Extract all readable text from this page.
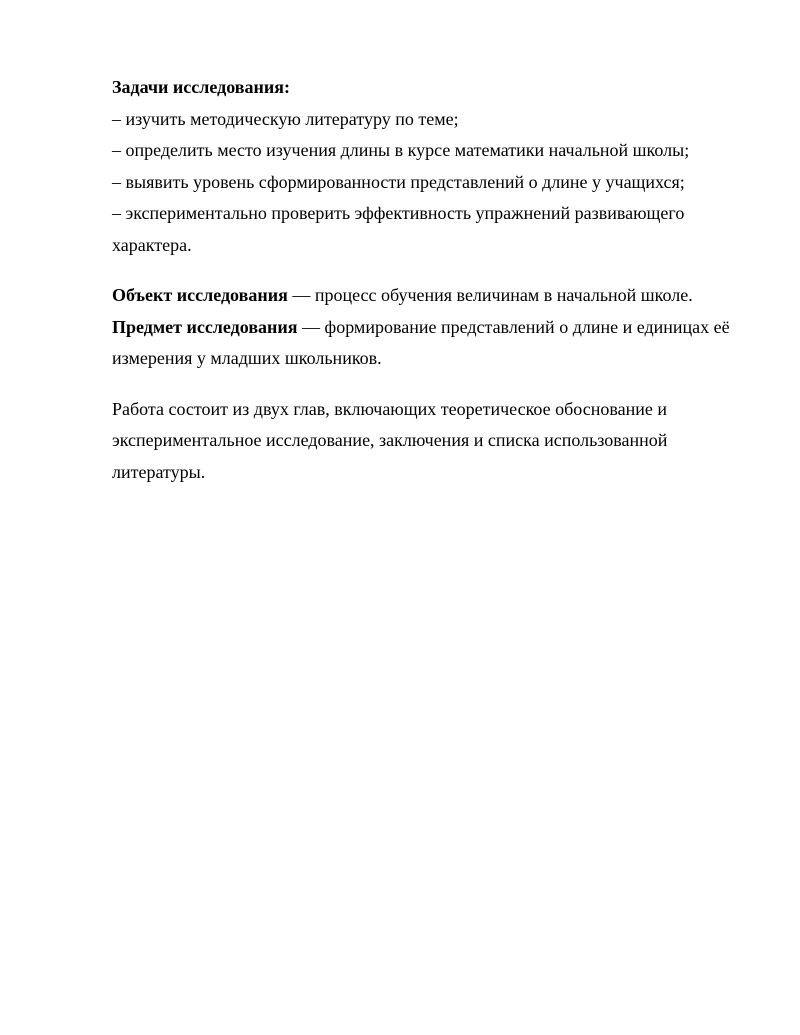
Задачи исследования:

– изучить методическую литературу по теме;
– определить место изучения длины в курсе математики начальной школы;
– выявить уровень сформированности представлений о длине у учащихся;
– экспериментально проверить эффективность упражнений развивающего характера.

Объект исследования — процесс обучения величинам в начальной школе.

Предмет исследования — формирование представлений о длине и единицах её измерения у младших школьников.

Работа состоит из двух глав, включающих теоретическое обоснование и экспериментальное исследование, заключения и списка использованной литературы.
